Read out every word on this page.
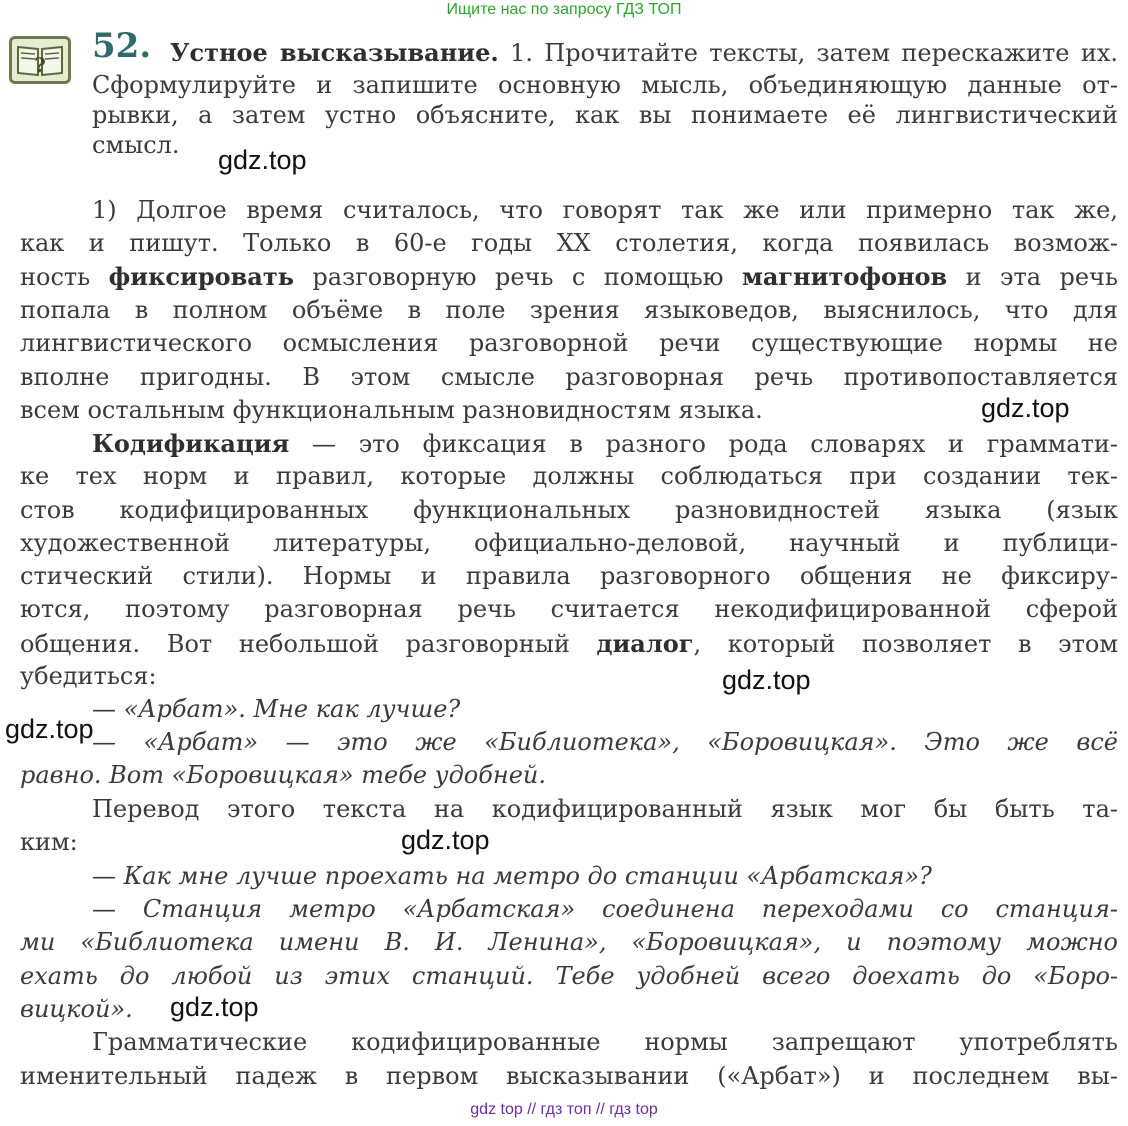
Ищите нас по запросу ГДЗ ТОП
? 52. Устное высказывание. 1. Прочитайте тексты, затем перескажите их.
Сформулируйте и запишите основную мысль, объединяющую данные от-
рывки, а затем устно объясните, как вы понимаете её лингвистический
смысл.
1) Долгое время считалось, что говорят так же или примерно так же,
как и пишут. Только в 60-е годы XX столетия, когда появилась возмож-
ность фиксировать разговорную речь с помощью магнитофонов и эта речь
попала в полном объёме в поле зрения языковедов, выяснилось, что для
лингвистического осмысления разговорной речи существующие нормы не
вполне пригодны. В этом смысле разговорная речь противопоставляется
всем остальным функциональным разновидностям языка.
Кодификация — это фиксация в разного рода словарях и граммати-
ке тех норм и правил, которые должны соблюдаться при создании тек-
стов кодифицированных функциональных разновидностей языка (язык
художественной литературы, официально-деловой, научный и публици-
стический стили). Нормы и правила разговорного общения не фиксиру-
ются, поэтому разговорная речь считается некодифицированной сферой
общения. Вот небольшой разговорный диалог, который позволяет в этом
убедиться:
— «Арбат». Мне как лучше?
— «Арбат» — это же «Библиотека», «Боровицкая». Это же всё
равно. Вот «Боровицкая» тебе удобней.
Перевод этого текста на кодифицированный язык мог бы быть та-
ким:
— Как мне лучше проехать на метро до станции «Арбатская»?
— Станция метро «Арбатская» соединена переходами со станция-
ми «Библиотека имени В. И. Ленина», «Боровицкая», и поэтому можно
ехать до любой из этих станций. Тебе удобней всего доехать до «Боро-
вицкой».
Грамматические кодифицированные нормы запрещают употреблять
именительный падеж в первом высказывании («Арбат») и последнем вы-
gdz.top
gdz.top
gdz.top
gdz.top
gdz.top
gdz.top
gdz top // гдз топ // гдз top
